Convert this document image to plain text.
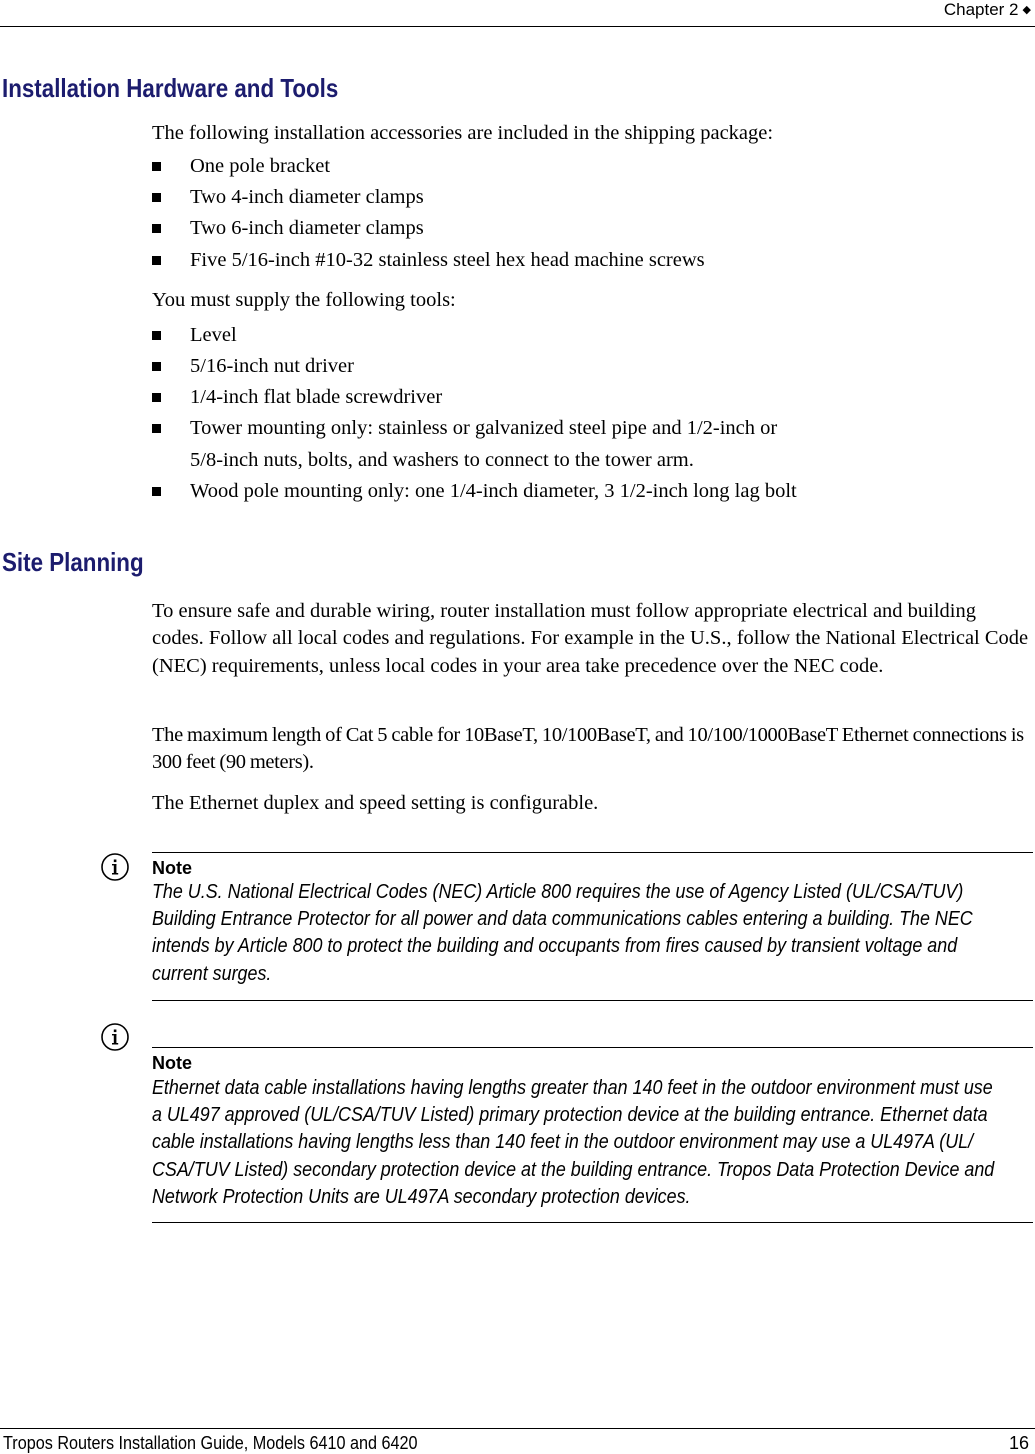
Chapter 2 ◆
Installation Hardware and Tools

The following installation accessories are included in the shipping package:

One pole bracket
Two 4-inch diameter clamps
Two 6-inch diameter clamps
Five 5/16-inch #10-32 stainless steel hex head machine screws

You must supply the following tools:

Level
5/16-inch nut driver
1/4-inch flat blade screwdriver
Tower mounting only: stainless or galvanized steel pipe and 1/2-inch or
5/8-inch nuts, bolts, and washers to connect to the tower arm.
Wood pole mounting only: one 1/4-inch diameter, 3 1/2-inch long lag bolt
Site Planning

To ensure safe and durable wiring, router installation must follow appropriate electrical and building codes. Follow all local codes and regulations. For example in the U.S., follow the National Electrical Code (NEC) requirements, unless local codes in your area take precedence over the NEC code.

The maximum length of Cat 5 cable for 10BaseT, 10/100BaseT, and 10/100/1000BaseT Ethernet connections is 300 feet (90 meters).

The Ethernet duplex and speed setting is configurable.

Note
The U.S. National Electrical Codes (NEC) Article 800 requires the use of Agency Listed (UL/CSA/TUV)
Building Entrance Protector for all power and data communications cables entering a building. The NEC
intends by Article 800 to protect the building and occupants from fires caused by transient voltage and
current surges.
Note
Ethernet data cable installations having lengths greater than 140 feet in the outdoor environment must use
a UL497 approved (UL/CSA/TUV Listed) primary protection device at the building entrance. Ethernet data
cable installations having lengths less than 140 feet in the outdoor environment may use a UL497A (UL/
CSA/TUV Listed) secondary protection device at the building entrance. Tropos Data Protection Device and
Network Protection Units are UL497A secondary protection devices.
Tropos Routers Installation Guide, Models 6410 and 6420	16
